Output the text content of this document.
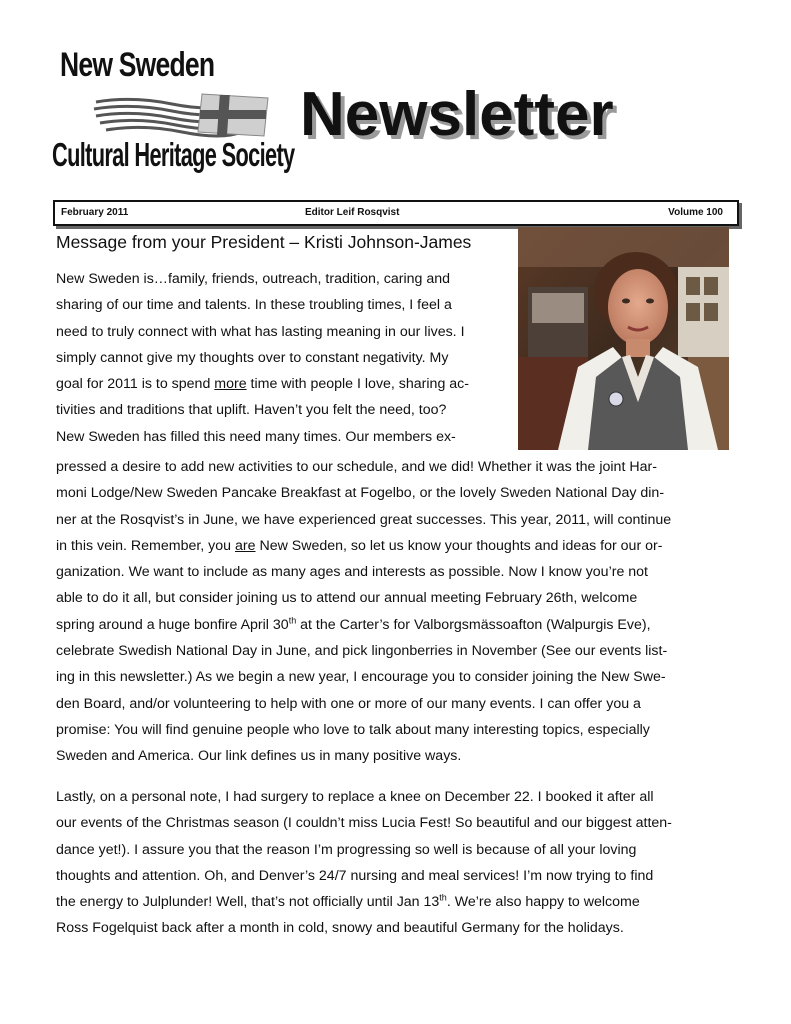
New Sweden
Cultural Heritage Society
Newsletter
February 2011	Editor Leif Rosqvist	Volume 100
Message from your President – Kristi Johnson-James
New Sweden is…family, friends, outreach, tradition, caring and
sharing of our time and talents. In these troubling times, I feel a
need to truly connect with what has lasting meaning in our lives. I
simply cannot give my thoughts over to constant negativity. My
goal for 2011 is to spend more time with people I love, sharing ac-
tivities and traditions that uplift. Haven’t you felt the need, too?
New Sweden has filled this need many times. Our members ex-
pressed a desire to add new activities to our schedule, and we did! Whether it was the joint Har-
moni Lodge/New Sweden Pancake Breakfast at Fogelbo, or the lovely Sweden National Day din-
ner at the Rosqvist’s in June, we have experienced great successes. This year, 2011, will continue
in this vein. Remember, you are New Sweden, so let us know your thoughts and ideas for our or-
ganization. We want to include as many ages and interests as possible. Now I know you’re not
able to do it all, but consider joining us to attend our annual meeting February 26th, welcome
spring around a huge bonfire April 30th at the Carter’s for Valborgsmässoafton (Walpurgis Eve),
celebrate Swedish National Day in June, and pick lingonberries in November (See our events list-
ing in this newsletter.) As we begin a new year, I encourage you to consider joining the New Swe-
den Board, and/or volunteering to help with one or more of our many events. I can offer you a
promise: You will find genuine people who love to talk about many interesting topics, especially
Sweden and America. Our link defines us in many positive ways.
Lastly, on a personal note, I had surgery to replace a knee on December 22. I booked it after all
our events of the Christmas season (I couldn’t miss Lucia Fest! So beautiful and our biggest atten-
dance yet!). I assure you that the reason I’m progressing so well is because of all your loving
thoughts and attention. Oh, and Denver’s 24/7 nursing and meal services! I’m now trying to find
the energy to Julplunder! Well, that’s not officially until Jan 13th. We’re also happy to welcome
Ross Fogelquist back after a month in cold, snowy and beautiful Germany for the holidays.
